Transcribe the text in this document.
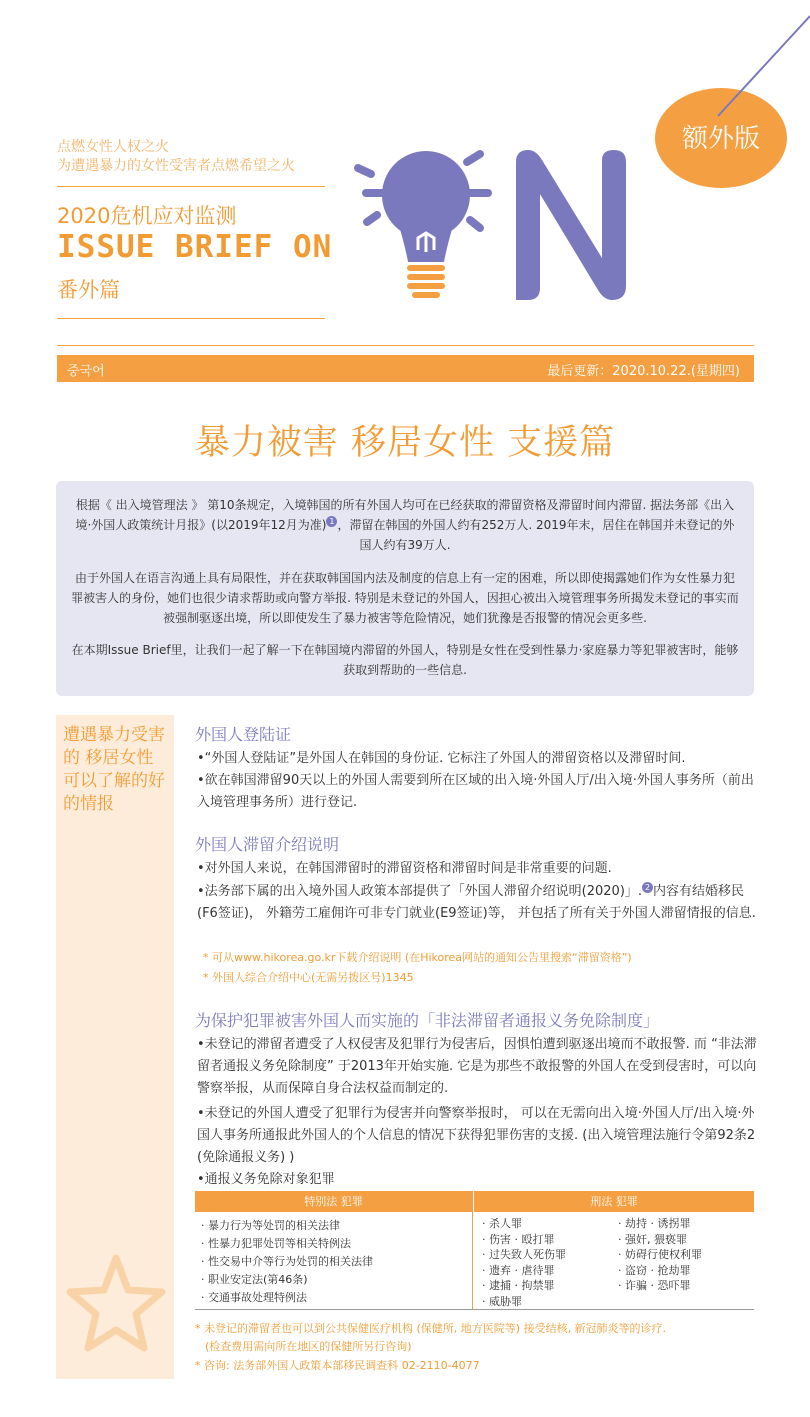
点燃女性人权之火
为遭遇暴力的女性受害者点燃希望之火
2020危机应对监测
ISSUE BRIEF ON
番外篇
额外版
중국어	最后更新：2020.10.22.(星期四)
暴力被害 移居女性 支援篇

根据《 出入境管理法 》 第10条规定，入境韩国的所有外国人均可在已经获取的滞留资格及滞留时间内滞留. 据法务部《出入境·外国人政策统计月报》(以2019年12月为准) 1 ，滞留在韩国的外国人约有252万人. 2019年末，居住在韩国并未登记的外国人约有39万人.

由于外国人在语言沟通上具有局限性，并在获取韩国国内法及制度的信息上有一定的困难，所以即使揭露她们作为女性暴力犯罪被害人的身份，她们也很少请求帮助或向警方举报. 特别是未登记的外国人，因担心被出入境管理事务所揭发未登记的事实而被强制驱逐出境，所以即使发生了暴力被害等危险情况，她们犹豫是否报警的情况会更多些.

在本期Issue Brief里，让我们一起了解一下在韩国境内滞留的外国人，特别是女性在受到性暴力·家庭暴力等犯罪被害时，能够获取到帮助的一些信息.

遭遇暴力受害的 移居女性 可以了解的好的情报
外国人登陆证
•“外国人登陆证”是外国人在韩国的身份证. 它标注了外国人的滞留资格以及滞留时间.
•欲在韩国滞留90天以上的外国人需要到所在区域的出入境·外国人厅/出入境·外国人事务所（前出入境管理事务所）进行登记.
外国人滞留介绍说明
•对外国人来说，在韩国滞留时的滞留资格和滞留时间是非常重要的问题.
•法务部下属的出入境外国人政策本部提供了「外国人滞留介绍说明(2020)」. 2 内容有结婚移民(F6签证)， 外籍劳工雇佣许可非专门就业(E9签证)等， 并包括了所有关于外国人滞留情报的信息.
* 可从www.hikorea.go.kr下载介绍说明 (在Hikorea网站的通知公告里搜索“滞留资格”)
* 外国人综合介绍中心(无需另拨区号)1345
为保护犯罪被害外国人而实施的「非法滞留者通报义务免除制度」
•未登记的滞留者遭受了人权侵害及犯罪行为侵害后，因惧怕遭到驱逐出境而不敢报警. 而 “非法滞留者通报义务免除制度” 于2013年开始实施. 它是为那些不敢报警的外国人在受到侵害时，可以向警察举报，从而保障自身合法权益而制定的.
•未登记的外国人遭受了犯罪行为侵害并向警察举报时， 可以在无需向出入境·外国人厅/出入境·外国人事务所通报此外国人的个人信息的情况下获得犯罪伤害的支援. (出入境管理法施行令第92条2 (免除通报义务) )
•通报义务免除对象犯罪
特别法 犯罪	刑法 犯罪
· 暴力行为等处罚的相关法律
· 性暴力犯罪处罚等相关特例法
· 性交易中介等行为处罚的相关法律
· 职业安定法(第46条)
· 交通事故处理特例法
· 杀人罪
· 伤害 · 殴打罪
· 过失致人死伤罪
· 遗弃 · 虐待罪
· 逮捕 · 拘禁罪
· 威胁罪
· 劫持 · 诱拐罪
· 强奸, 猥亵罪
· 妨碍行使权利罪
· 盗窃 · 抢劫罪
· 诈骗 · 恐吓罪
* 未登记的滞留者也可以到公共保健医疗机构 (保健所, 地方医院等) 接受结核, 新冠肺炎等的诊疗.
(检查费用需向所在地区的保健所另行咨询)
* 咨询: 法务部外国人政策本部移民调查科 02-2110-4077
